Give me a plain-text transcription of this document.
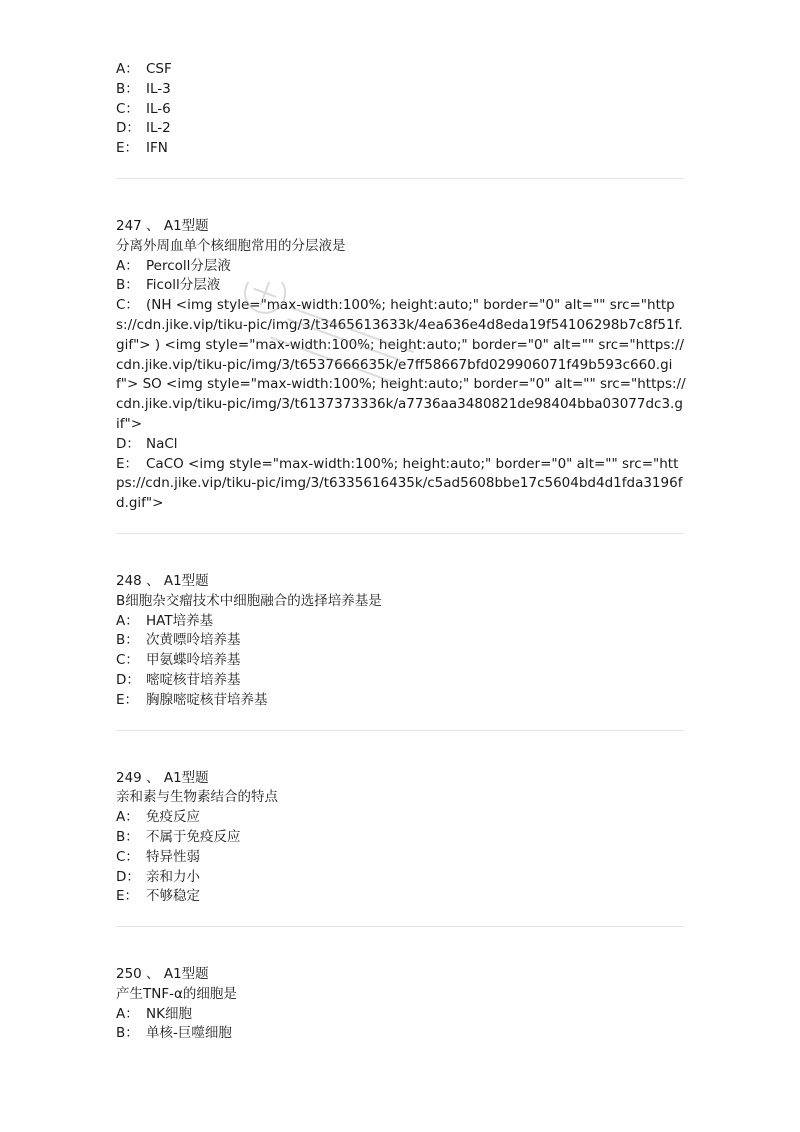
A： CSF
B： IL-3
C： IL-6
D： IL-2
E： IFN
247 、 A1型题
分离外周血单个核细胞常用的分层液是
A： Percoll分层液
B： Ficoll分层液
C： (NH <img style="max-width:100%; height:auto;" border="0" alt="" src="https://cdn.jike.vip/tiku-pic/img/3/t3465613633k/4ea636e4d8eda19f54106298b7c8f51f.gif"> ) <img style="max-width:100%; height:auto;" border="0" alt="" src="https://cdn.jike.vip/tiku-pic/img/3/t6537666635k/e7ff58667bfd029906071f49b593c660.gif"> SO <img style="max-width:100%; height:auto;" border="0" alt="" src="https://cdn.jike.vip/tiku-pic/img/3/t6137373336k/a7736aa3480821de98404bba03077dc3.gif">
D： NaCl
E： CaCO <img style="max-width:100%; height:auto;" border="0" alt="" src="https://cdn.jike.vip/tiku-pic/img/3/t6335616435k/c5ad5608bbe17c5604bd4d1fda3196fd.gif">
248 、 A1型题
B细胞杂交瘤技术中细胞融合的选择培养基是
A： HAT培养基
B： 次黄嘌呤培养基
C： 甲氨蝶呤培养基
D： 嘧啶核苷培养基
E： 胸腺嘧啶核苷培养基
249 、 A1型题
亲和素与生物素结合的特点
A： 免疫反应
B： 不属于免疫反应
C： 特异性弱
D： 亲和力小
E： 不够稳定
250 、 A1型题
产生TNF-α的细胞是
A： NK细胞
B： 单核-巨噬细胞
